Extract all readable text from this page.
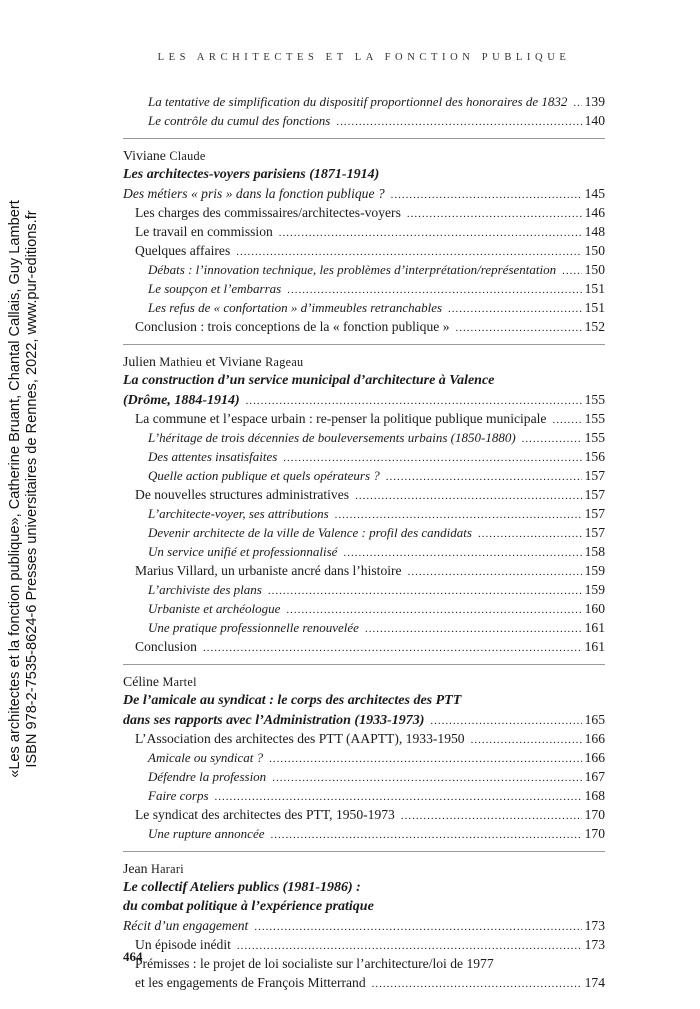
LES ARCHITECTES ET LA FONCTION PUBLIQUE
La tentative de simplification du dispositif proportionnel des honoraires de 1832 ..... 139
Le contrôle du cumul des fonctions .....	140
Viviane Claude
Les architectes-voyers parisiens (1871-1914)
Des métiers « pris » dans la fonction publique ? .....	145
Les charges des commissaires/architectes-voyers .....	146
Le travail en commission .....	148
Quelques affaires .....	150
Débats : l’innovation technique, les problèmes d’interprétation/représentation ..... 150
Le soupçon et l’embarras .....	151
Les refus de « confortation » d’immeubles retranchables .....	151
Conclusion : trois conceptions de la « fonction publique » .....	152
Julien Mathieu et Viviane Rageau
La construction d’un service municipal d’architecture à Valence
(Drôme, 1884-1914) .....	155
La commune et l’espace urbain : re-penser la politique publique municipale .....	155
L’héritage de trois décennies de bouleversements urbains (1850-1880) .....	155
Des attentes insatisfaites .....	156
Quelle action publique et quels opérateurs ? .....	157
De nouvelles structures administratives .....	157
L’architecte-voyer, ses attributions .....	157
Devenir architecte de la ville de Valence : profil des candidats .....	157
Un service unifié et professionnalisé .....	158
Marius Villard, un urbaniste ancré dans l’histoire .....	159
L’archiviste des plans .....	159
Urbaniste et archéologue .....	160
Une pratique professionnelle renouvelée .....	161
Conclusion .....	161
Céline Martel
De l’amicale au syndicat : le corps des architectes des PTT
dans ses rapports avec l’Administration (1933-1973) .....	165
L’Association des architectes des PTT (AAPTT), 1933-1950 .....	166
Amicale ou syndicat ? .....	166
Défendre la profession .....	167
Faire corps .....	168
Le syndicat des architectes des PTT, 1950-1973 .....	170
Une rupture annoncée .....	170
Jean Harari
Le collectif Ateliers publics (1981-1986) :
du combat politique à l’expérience pratique
Récit d’un engagement .....	173
Un épisode inédit .....	173
Prémisses : le projet de loi socialiste sur l’architecture/loi de 1977
et les engagements de François Mitterrand .....	174
464
«Les architectes et la fonction publique», Catherine Bruant, Chantal Callais, Guy Lambert ISBN 978-2-7535-8624-6 Presses universitaires de Rennes, 2022, www.pur-editions.fr
